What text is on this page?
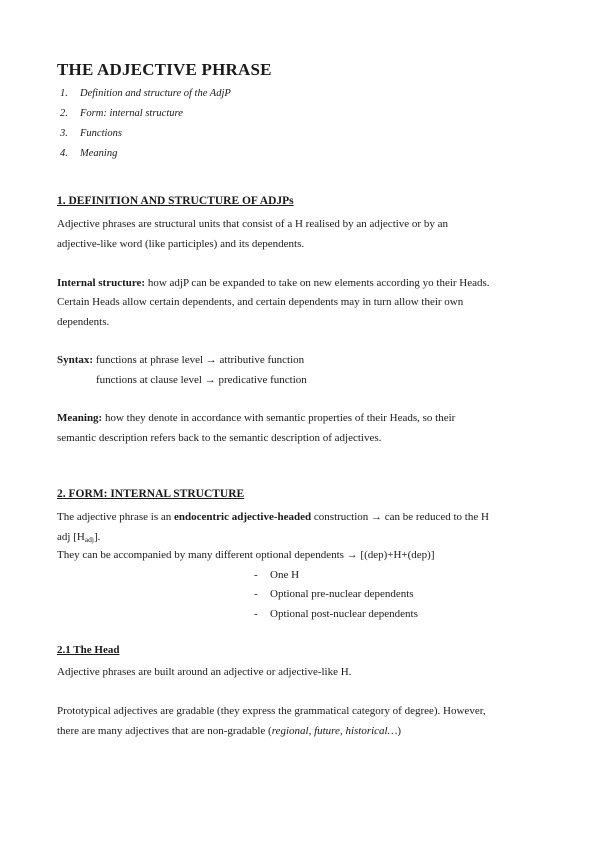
THE ADJECTIVE PHRASE
1. Definition and structure of the AdjP
2. Form: internal structure
3. Functions
4. Meaning
1. DEFINITION AND STRUCTURE OF ADJPs
Adjective phrases are structural units that consist of a H realised by an adjective or by an
adjective-like word (like participles) and its dependents.
Internal structure: how adjP can be expanded to take on new elements according yo their Heads.
Certain Heads allow certain dependents, and certain dependents may in turn allow their own
dependents.
Syntax: functions at phrase level → attributive function
functions at clause level → predicative function
Meaning: how they denote in accordance with semantic properties of their Heads, so their
semantic description refers back to the semantic description of adjectives.
2. FORM: INTERNAL STRUCTURE
The adjective phrase is an endocentric adjective-headed construction → can be reduced to the H
adj $[H_{adj}]$.
They can be accompanied by many different optional dependents → [(dep)+H+(dep)]
- One H
- Optional pre-nuclear dependents
- Optional post-nuclear dependents
2.1 The Head
Adjective phrases are built around an adjective or adjective-like H.
Prototypical adjectives are gradable (they express the grammatical category of degree). However,
there are many adjectives that are non-gradable (regional, future, historical…)
